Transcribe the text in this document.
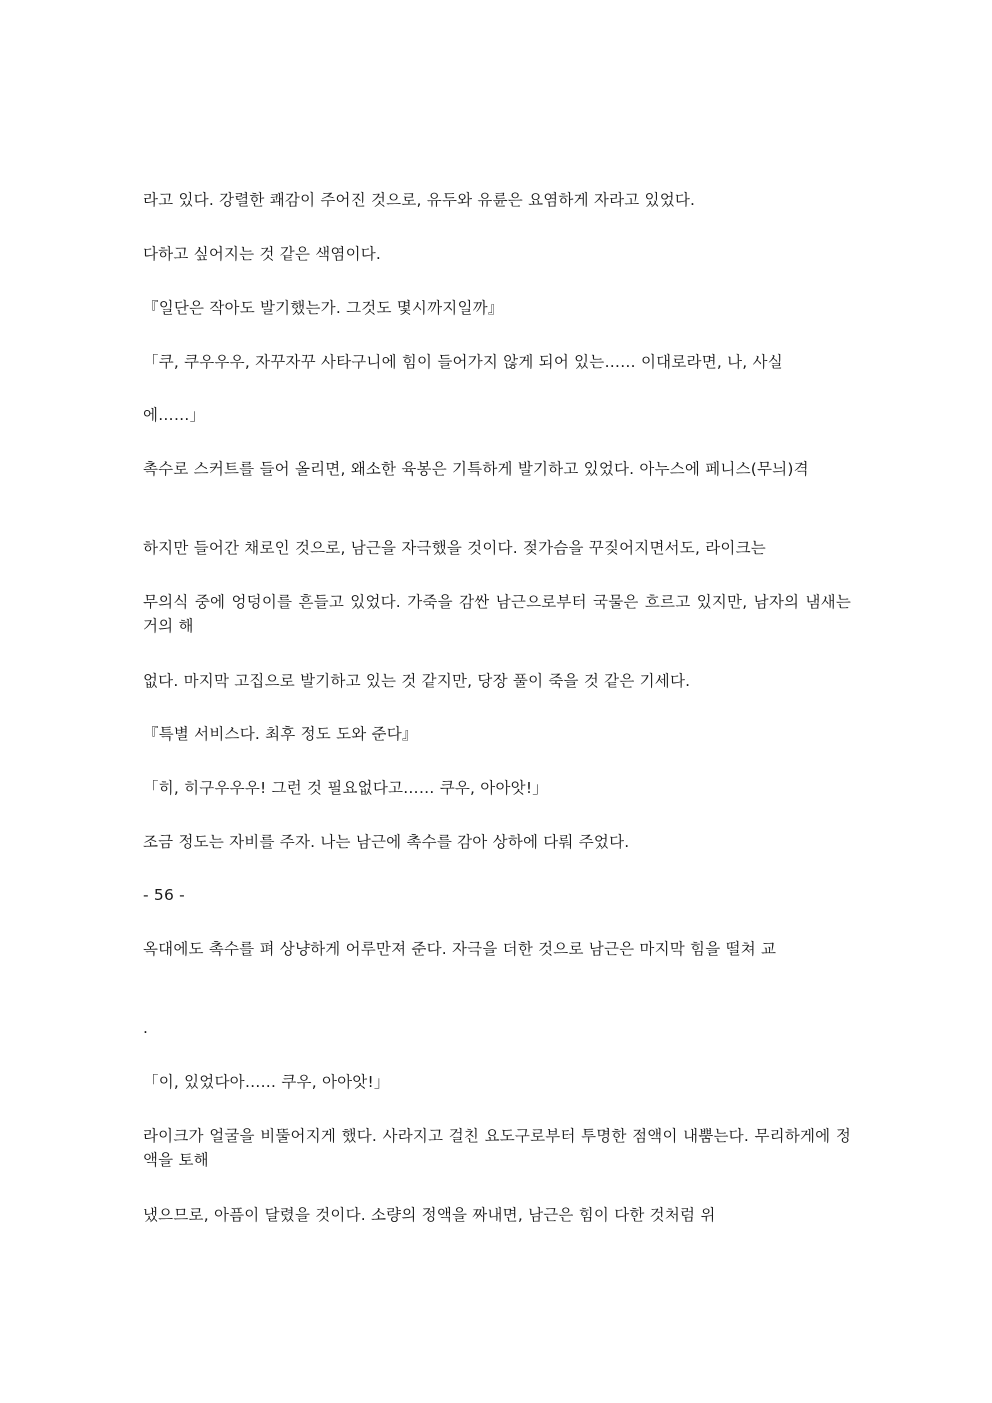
라고 있다. 강렬한 쾌감이 주어진 것으로, 유두와 유륜은 요염하게 자라고 있었다.
다하고 싶어지는 것 같은 색염이다.
『일단은 작아도 발기했는가. 그것도 몇시까지일까』
「쿠, 쿠우우우, 자꾸자꾸 사타구니에 힘이 들어가지 않게 되어 있는…… 이대로라면, 나, 사실
에……」
촉수로 스커트를 들어 올리면, 왜소한 육봉은 기특하게 발기하고 있었다. 아누스에 페니스(무늬)격
하지만 들어간 채로인 것으로, 남근을 자극했을 것이다. 젖가슴을 꾸짖어지면서도, 라이크는
무의식 중에 엉덩이를 흔들고 있었다. 가죽을 감싼 남근으로부터 국물은 흐르고 있지만, 남자의 냄새는 거의 해
없다. 마지막 고집으로 발기하고 있는 것 같지만, 당장 풀이 죽을 것 같은 기세다.
『특별 서비스다. 최후 정도 도와 준다』
「히, 히구우우우! 그런 것 필요없다고…… 쿠우, 아아앗!」
조금 정도는 자비를 주자. 나는 남근에 촉수를 감아 상하에 다뤄 주었다.
- 56 -
옥대에도 촉수를 펴 상냥하게 어루만져 준다. 자극을 더한 것으로 남근은 마지막 힘을 떨쳐 교
.
「이, 있었다아…… 쿠우, 아아앗!」
라이크가 얼굴을 비뚤어지게 했다. 사라지고 걸친 요도구로부터 투명한 점액이 내뿜는다. 무리하게에 정액을 토해
냈으므로, 아픔이 달렸을 것이다. 소량의 정액을 짜내면, 남근은 힘이 다한 것처럼 위
